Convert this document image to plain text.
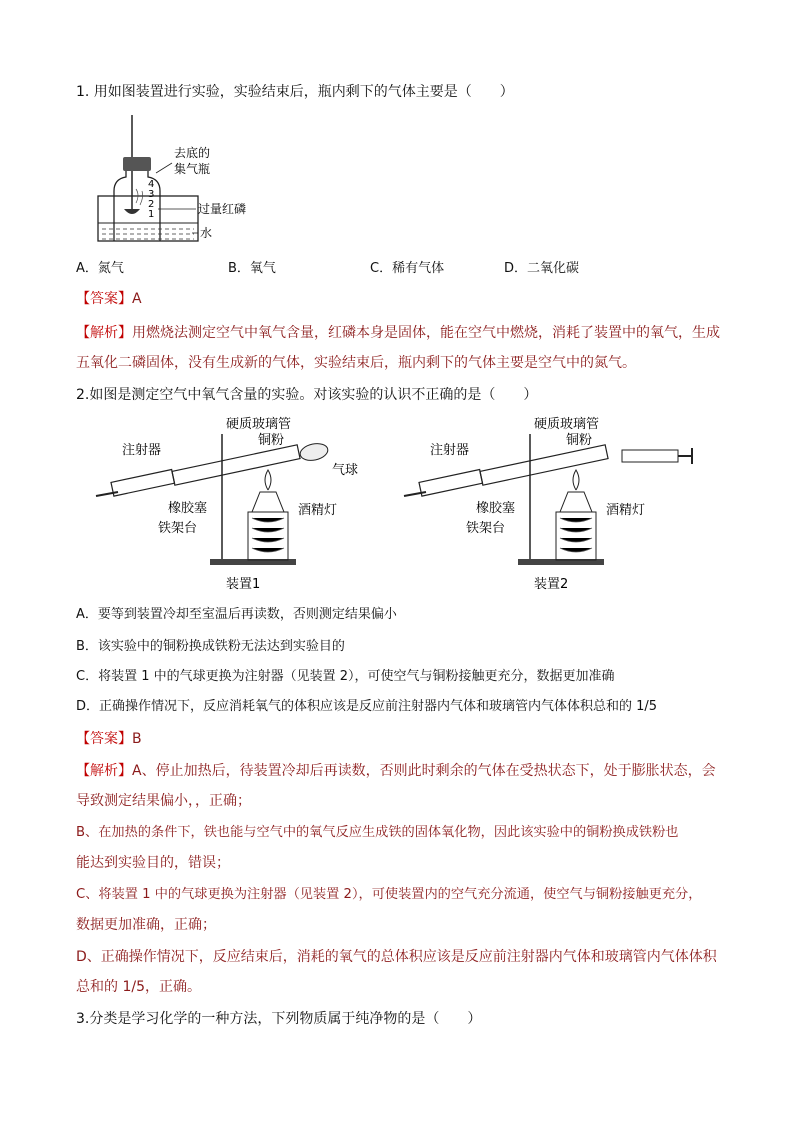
1. 用如图装置进行实验，实验结束后，瓶内剩下的气体主要是（　　）
4
3
2
1
去底的
集气瓶
过量红磷
水
A．氮气	B．氧气	C．稀有气体	D．二氧化碳
【答案】A
【解析】用燃烧法测定空气中氧气含量，红磷本身是固体，能在空气中燃烧，消耗了装置中的氧气，生成
五氧化二磷固体，没有生成新的气体，实验结束后，瓶内剩下的气体主要是空气中的氮气。
2.如图是测定空气中氧气含量的实验。对该实验的认识不正确的是（　　）
硬质玻璃管
铜粉
注射器
气球
橡胶塞	酒精灯
铁架台
装置1
硬质玻璃管
铜粉
注射器
橡胶塞	酒精灯
铁架台
装置2
A．要等到装置冷却至室温后再读数，否则测定结果偏小
B．该实验中的铜粉换成铁粉无法达到实验目的
C．将装置 1 中的气球更换为注射器（见装置 2），可使空气与铜粉接触更充分，数据更加准确
D．正确操作情况下，反应消耗氧气的体积应该是反应前注射器内气体和玻璃管内气体体积总和的 1/5
【答案】B
【解析】A、停止加热后，待装置冷却后再读数，否则此时剩余的气体在受热状态下，处于膨胀状态，会
导致测定结果偏小，，正确；
B、在加热的条件下，铁也能与空气中的氧气反应生成铁的固体氧化物，因此该实验中的铜粉换成铁粉也
能达到实验目的，错误；
C、将装置 1 中的气球更换为注射器（见装置 2），可使装置内的空气充分流通，使空气与铜粉接触更充分，
数据更加准确，正确；
D、正确操作情况下，反应结束后，消耗的氧气的总体积应该是反应前注射器内气体和玻璃管内气体体积
总和的 1/5，正确。
3.分类是学习化学的一种方法，下列物质属于纯净物的是（　　）
